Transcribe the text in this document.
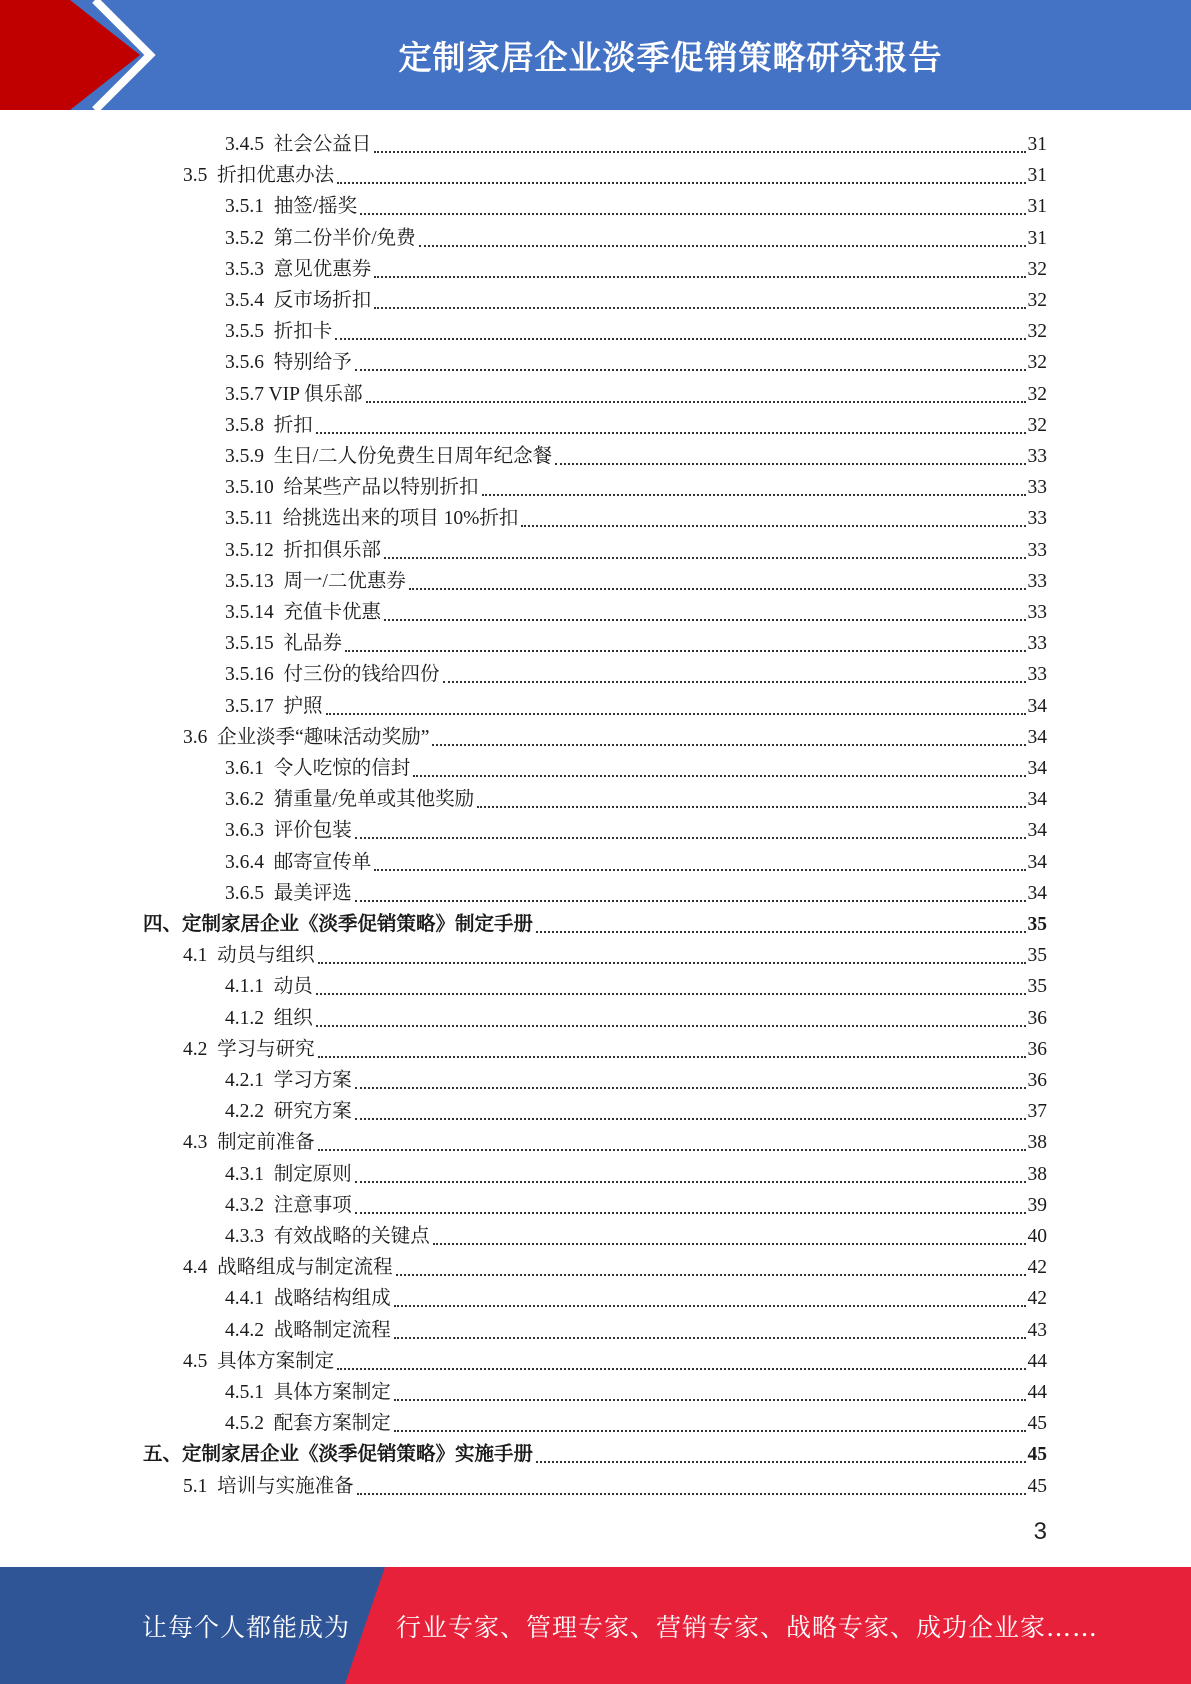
定制家居企业淡季促销策略研究报告
3.4.5  社会公益日	31
3.5  折扣优惠办法	31
3.5.1  抽签/摇奖	31
3.5.2  第二份半价/免费	31
3.5.3  意见优惠券	32
3.5.4  反市场折扣	32
3.5.5  折扣卡	32
3.5.6  特别给予	32
3.5.7 VIP 俱乐部	32
3.5.8  折扣	32
3.5.9  生日/二人份免费生日周年纪念餐	33
3.5.10  给某些产品以特别折扣	33
3.5.11  给挑选出来的项目 10%折扣	33
3.5.12  折扣俱乐部	33
3.5.13  周一/二优惠券	33
3.5.14  充值卡优惠	33
3.5.15  礼品券	33
3.5.16  付三份的钱给四份	33
3.5.17  护照	34
3.6  企业淡季“趣味活动奖励”	34
3.6.1  令人吃惊的信封	34
3.6.2  猜重量/免单或其他奖励	34
3.6.3  评价包装	34
3.6.4  邮寄宣传单	34
3.6.5  最美评选	34
四、定制家居企业《淡季促销策略》制定手册	35
4.1  动员与组织	35
4.1.1  动员	35
4.1.2  组织	36
4.2  学习与研究	36
4.2.1  学习方案	36
4.2.2  研究方案	37
4.3  制定前准备	38
4.3.1  制定原则	38
4.3.2  注意事项	39
4.3.3  有效战略的关键点	40
4.4  战略组成与制定流程	42
4.4.1  战略结构组成	42
4.4.2  战略制定流程	43
4.5  具体方案制定	44
4.5.1  具体方案制定	44
4.5.2  配套方案制定	45
五、定制家居企业《淡季促销策略》实施手册	45
5.1  培训与实施准备	45
3
让每个人都能成为 行业专家、管理专家、营销专家、战略专家、成功企业家……
